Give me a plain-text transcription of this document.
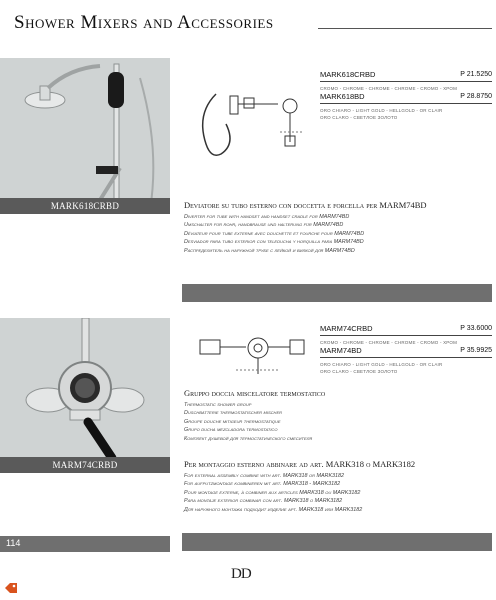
Shower Mixers and Accessories
MARK618CRBD
MARK618CRBD	P 21.5250
CROMO - CHROME - CHROME - CHROME - CROMO - ХРОМ
MARK618BD	P 28.8750
ORO CHIARO - LIGHT GOLD - HELLGOLD - OR CLAIR
ORO CLARO - СВЕТЛОЕ ЗОЛОТО
Deviatore su tubo esterno con doccetta e forcella per MARM74BD
Diverter for tube with handset and handset cradle for MARM74BD
Umschalter für rohr, handbrause und halterung für MARM74BD
Déviateur pour tube externe avec douchette et fourche pour MARM74BD
Desviador para tubo exterior con teleducha y horquilla para MARM74BD
Распределитель на наружной трубе с лейкой и вилкой для MARM74BD
MARM74CRBD
MARM74CRBD	P 33.6000
CROMO - CHROME - CHROME - CHROME - CROMO - ХРОМ
MARM74BD	P 35.9925
ORO CHIARO - LIGHT GOLD - HELLGOLD - OR CLAIR
ORO CLARO - СВЕТЛОЕ ЗОЛОТО
Gruppo doccia miscelatore termostatico
Thermostatic shower group
Duschbatterie thermostatischer mischer
Groupe douche mitigeur thermostatique
Grupo ducha mezcladora termostatico
Комплект душевой для термостатического смесителя
Per montaggio esterno abbinare ad art. MARK318 o MARK3182
For external assembly combine with art. MARK318 or MARK3182
Für aufputzmontage kombinieren mit art. MARK318 - MARK3182
Pour montage externe, à combiner aux articles MARK318 ou MARK3182
Para montaje exterior combinar con art. MARK318 o MARK3182
Для наружного монтажа подходит изделие арт. MARK318 или MARK3182
114
DD
